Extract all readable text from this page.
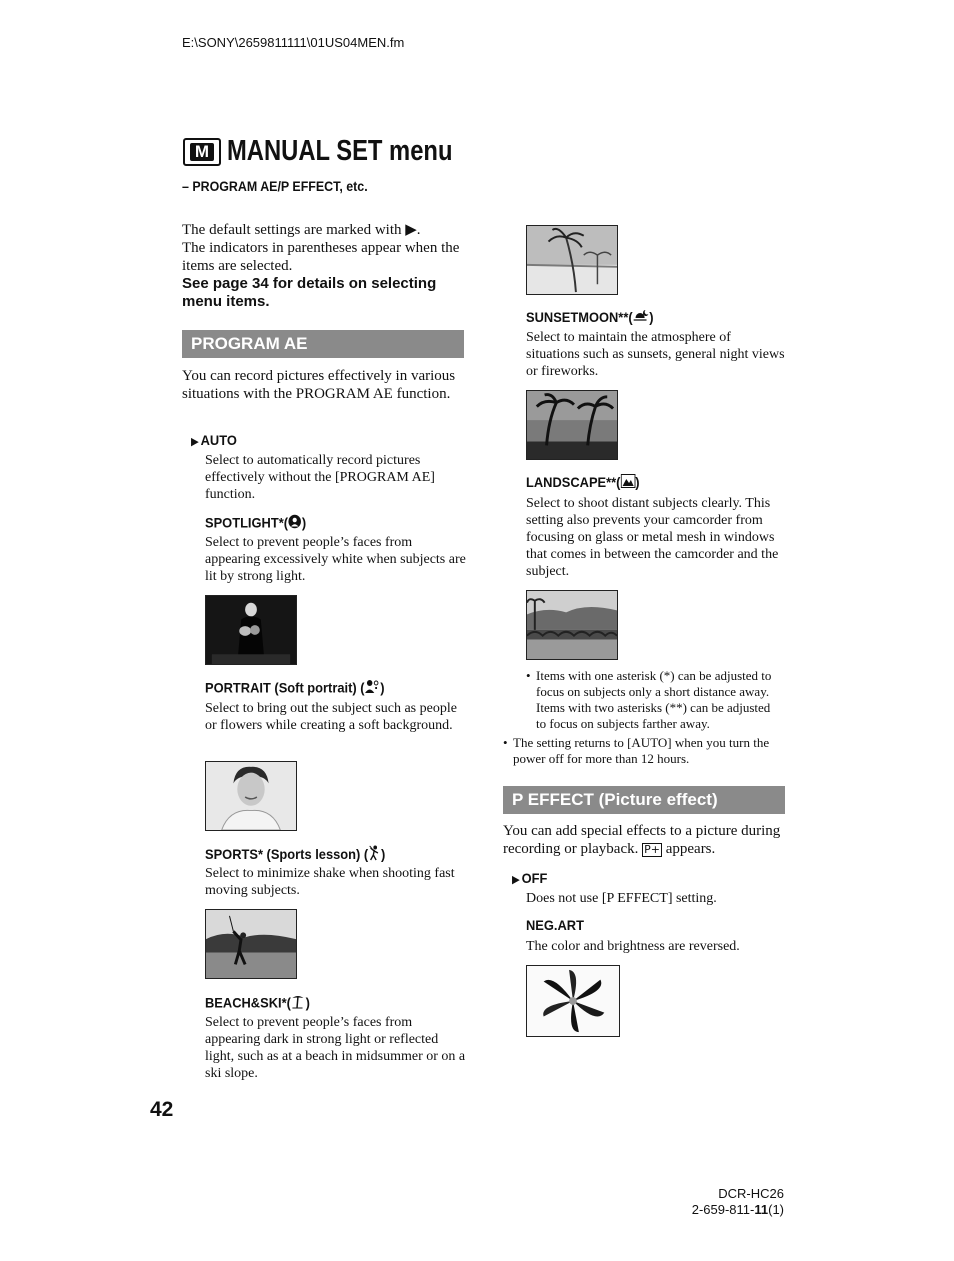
E:\SONY\2659811111\01US04MEN.fm
M MANUAL SET menu
– PROGRAM AE/P EFFECT, etc.
The default settings are marked with ▶.
The indicators in parentheses appear when the items are selected.
See page 34 for details on selecting menu items.
PROGRAM AE
You can record pictures effectively in various situations with the PROGRAM AE function.
▶ AUTO
Select to automatically record pictures effectively without the [PROGRAM AE] function.
SPOTLIGHT*( )
Select to prevent people’s faces from appearing excessively white when subjects are lit by strong light.
PORTRAIT (Soft portrait) ( )
Select to bring out the subject such as people or flowers while creating a soft background.
SPORTS* (Sports lesson) ( )
Select to minimize shake when shooting fast moving subjects.
BEACH&SKI*( )
Select to prevent people’s faces from appearing dark in strong light or reflected light, such as at a beach in midsummer or on a ski slope.
SUNSETMOON**( )
Select to maintain the atmosphere of situations such as sunsets, general night views or fireworks.
LANDSCAPE**( )
Select to shoot distant subjects clearly. This setting also prevents your camcorder from focusing on glass or metal mesh in windows that comes in between the camcorder and the subject.
• Items with one asterisk (*) can be adjusted to focus on subjects only a short distance away. Items with two asterisks (**) can be adjusted to focus on subjects farther away.
• The setting returns to [AUTO] when you turn the power off for more than 12 hours.
P EFFECT (Picture effect)
You can add special effects to a picture during recording or playback. P+ appears.
▶ OFF
Does not use [P EFFECT] setting.
NEG.ART
The color and brightness are reversed.
42
DCR-HC26
2-659-811-11(1)
